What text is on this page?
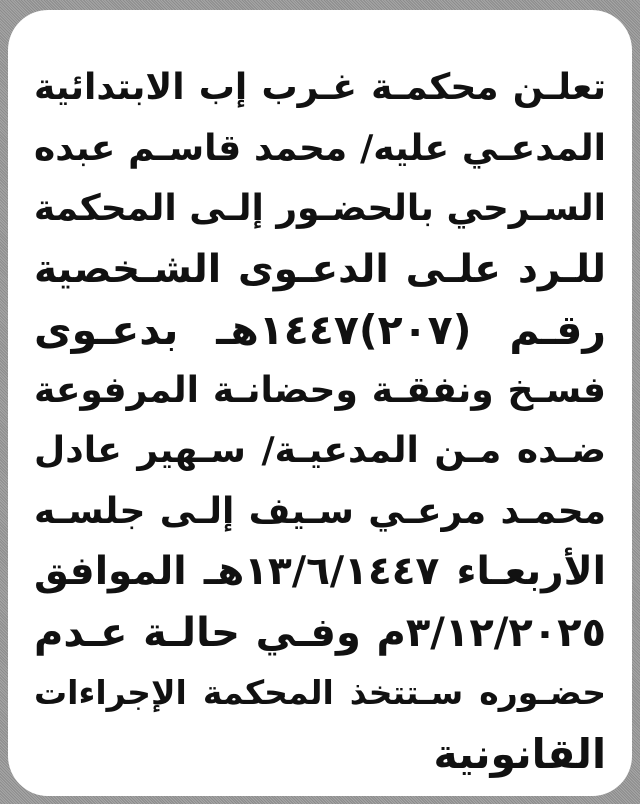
تعلـن محكمـة غـرب إب الابتدائية
المدعـي عليه/ محمد قاسـم عبده
السـرحي بالحضـور إلـى المحكمة
للـرد علـى الدعـوى الشـخصية
رقـم (٢٠٧)١٤٤٧هـ بدعـوى
فسـخ ونفقـة وحضانـة المرفوعة
ضـده مـن المدعيـة/ سـهير عادل
محمـد مرعـي سـيف إلـى جلسـه
الأربعـاء ١٣/٦/١٤٤٧هـ الموافق
٣/١٢/٢٠٢٥م وفـي حالـة عـدم
حضـوره سـتتخذ المحكمة الإجراءات
القانونية
